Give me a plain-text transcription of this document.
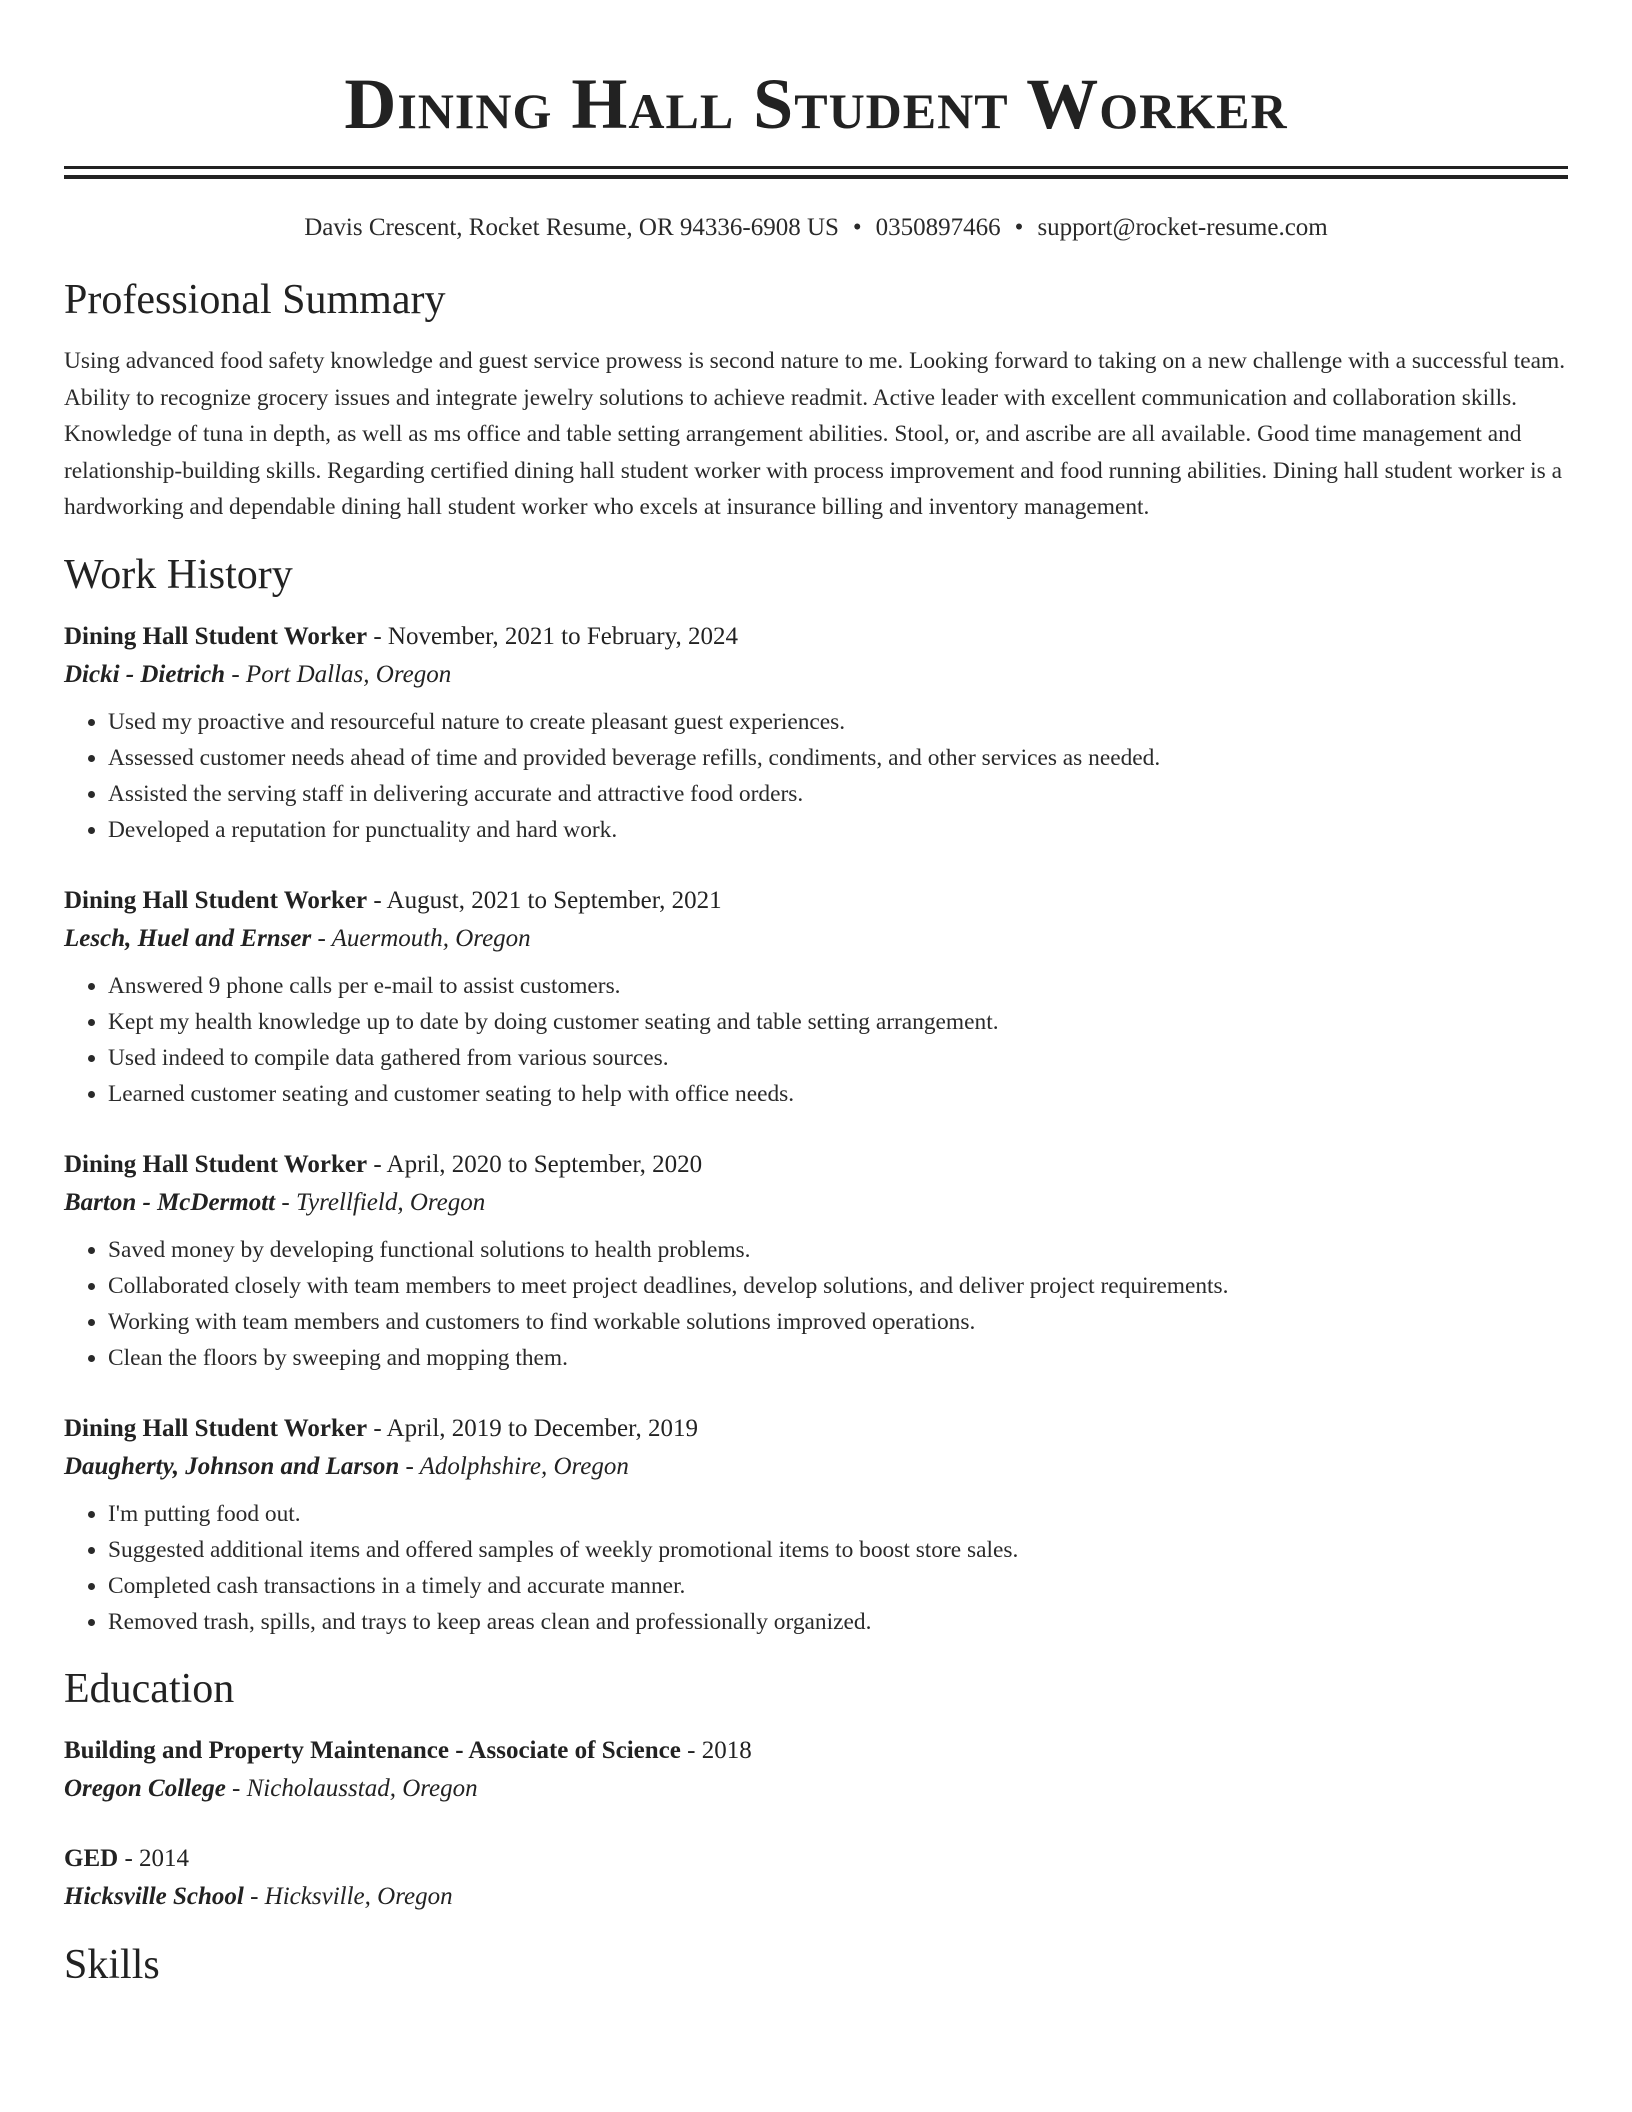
Dining Hall Student Worker
Davis Crescent, Rocket Resume, OR 94336-6908 US • 0350897466 • support@rocket-resume.com
Professional Summary

Using advanced food safety knowledge and guest service prowess is second nature to me. Looking forward to taking on a new challenge with a successful team. Ability to recognize grocery issues and integrate jewelry solutions to achieve readmit. Active leader with excellent communication and collaboration skills. Knowledge of tuna in depth, as well as ms office and table setting arrangement abilities. Stool, or, and ascribe are all available. Good time management and relationship-building skills. Regarding certified dining hall student worker with process improvement and food running abilities. Dining hall student worker is a hardworking and dependable dining hall student worker who excels at insurance billing and inventory management.

Work History
Dining Hall Student Worker - November, 2021 to February, 2024
Dicki - Dietrich - Port Dallas, Oregon
• Used my proactive and resourceful nature to create pleasant guest experiences.
• Assessed customer needs ahead of time and provided beverage refills, condiments, and other services as needed.
• Assisted the serving staff in delivering accurate and attractive food orders.
• Developed a reputation for punctuality and hard work.
Dining Hall Student Worker - August, 2021 to September, 2021
Lesch, Huel and Ernser - Auermouth, Oregon
• Answered 9 phone calls per e-mail to assist customers.
• Kept my health knowledge up to date by doing customer seating and table setting arrangement.
• Used indeed to compile data gathered from various sources.
• Learned customer seating and customer seating to help with office needs.
Dining Hall Student Worker - April, 2020 to September, 2020
Barton - McDermott - Tyrellfield, Oregon
• Saved money by developing functional solutions to health problems.
• Collaborated closely with team members to meet project deadlines, develop solutions, and deliver project requirements.
• Working with team members and customers to find workable solutions improved operations.
• Clean the floors by sweeping and mopping them.
Dining Hall Student Worker - April, 2019 to December, 2019
Daugherty, Johnson and Larson - Adolphshire, Oregon
• I'm putting food out.
• Suggested additional items and offered samples of weekly promotional items to boost store sales.
• Completed cash transactions in a timely and accurate manner.
• Removed trash, spills, and trays to keep areas clean and professionally organized.
Education
Building and Property Maintenance - Associate of Science - 2018
Oregon College - Nicholausstad, Oregon
GED - 2014
Hicksville School - Hicksville, Oregon
Skills
